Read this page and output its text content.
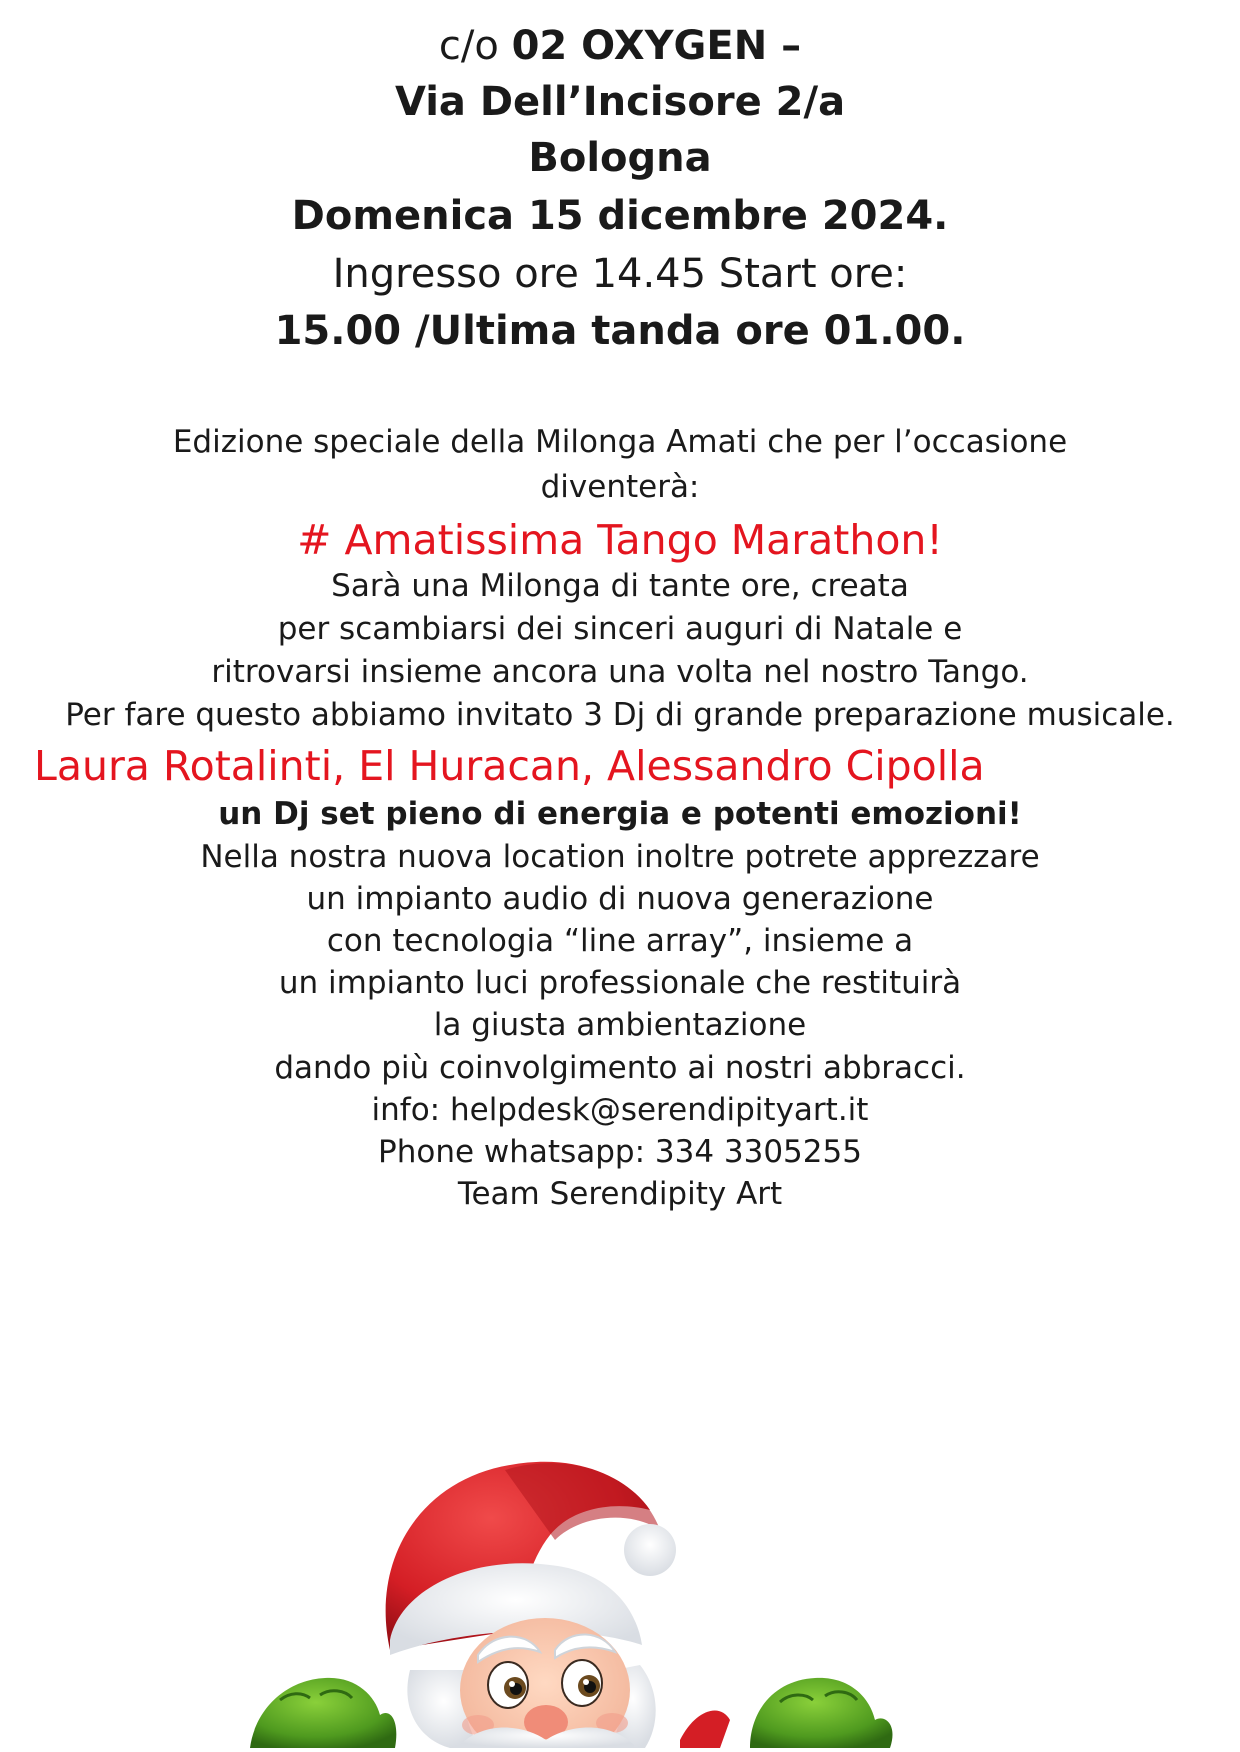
c/o 02 OXYGEN –
Via Dell’Incisore 2/a
Bologna
Domenica 15 dicembre 2024.
Ingresso ore 14.45 Start ore:
15.00 /Ultima tanda ore 01.00.
Edizione speciale della Milonga Amati che per l’occasione
diventerà:
# Amatissima Tango Marathon!
Sarà una Milonga di tante ore, creata
per scambiarsi dei sinceri auguri di Natale e
ritrovarsi insieme ancora una volta nel nostro Tango.
Per fare questo abbiamo invitato 3 Dj di grande preparazione musicale.
Laura Rotalinti, El Huracan, Alessandro Cipolla
un Dj set pieno di energia e potenti emozioni!
Nella nostra nuova location inoltre potrete apprezzare
un impianto audio di nuova generazione
con tecnologia “line array”, insieme a
un impianto luci professionale che restituirà
la giusta ambientazione
dando più coinvolgimento ai nostri abbracci.
info: helpdesk@serendipityart.it
Phone whatsapp: 334 3305255
Team Serendipity Art
